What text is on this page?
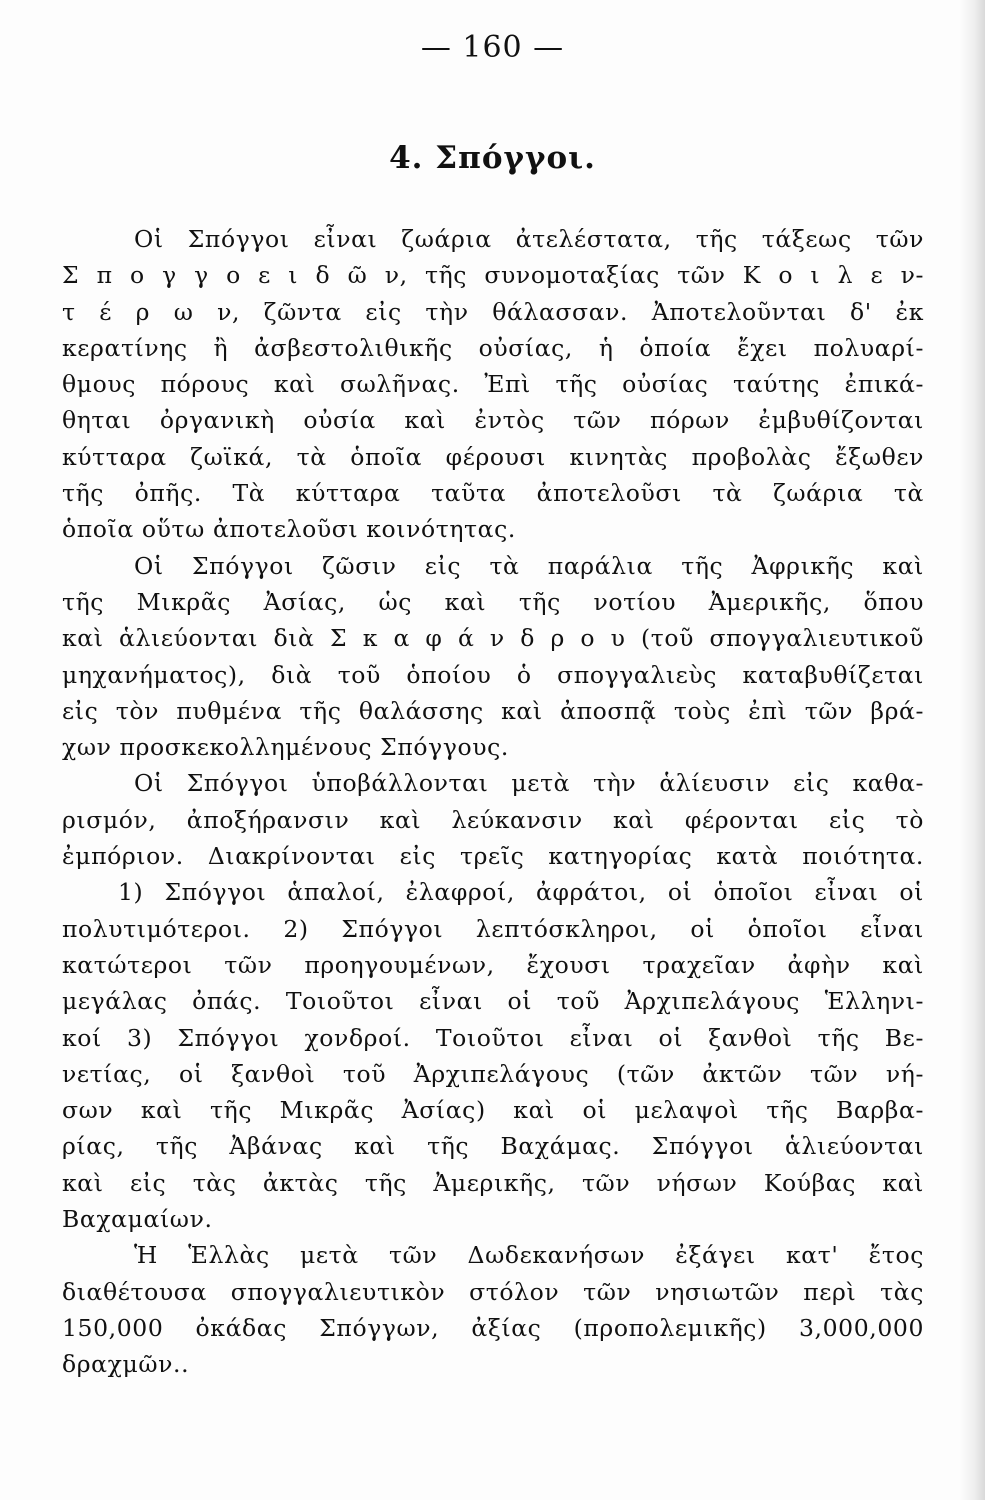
— 160 —
4. Σπόγγοι.
Οἱ Σπόγγοι εἶναι ζωάρια ἀτελέστατα, τῆς τάξεως τῶν
Σ π ο γ γ ο ε ι δ ῶ ν, τῆς συνομοταξίας τῶν Κ ο ι λ ε ν-
τ έ ρ ω ν, ζῶντα εἰς τὴν θάλασσαν. Ἀποτελοῦνται δ' ἐκ
κερατίνης ἢ ἀσβεστολιθικῆς οὐσίας, ἡ ὁποία ἔχει πολυαρί-
θμους πόρους καὶ σωλῆνας. Ἐπὶ τῆς οὐσίας ταύτης ἐπικά-
θηται ὀργανικὴ οὐσία καὶ ἐντὸς τῶν πόρων ἐμβυθίζονται
κύτταρα ζωϊκά, τὰ ὁποῖα φέρουσι κινητὰς προβολὰς ἔξωθεν
τῆς ὀπῆς. Τὰ κύτταρα ταῦτα ἀποτελοῦσι τὰ ζωάρια τὰ
ὁποῖα οὕτω ἀποτελοῦσι κοινότητας.
Οἱ Σπόγγοι ζῶσιν εἰς τὰ παράλια τῆς Ἀφρικῆς καὶ
τῆς Μικρᾶς Ἀσίας, ὡς καὶ τῆς νοτίου Ἀμερικῆς, ὅπου
καὶ ἁλιεύονται διὰ Σ κ α φ ά ν δ ρ ο υ (τοῦ σπογγαλιευτικοῦ
μηχανήματος), διὰ τοῦ ὁποίου ὁ σπογγαλιεὺς καταβυθίζεται
εἰς τὸν πυθμένα τῆς θαλάσσης καὶ ἀποσπᾷ τοὺς ἐπὶ τῶν βρά-
χων προσκεκολλημένους Σπόγγους.
Οἱ Σπόγγοι ὑποβάλλονται μετὰ τὴν ἁλίευσιν εἰς καθα-
ρισμόν, ἀποξήρανσιν καὶ λεύκανσιν καὶ φέρονται εἰς τὸ
ἐμπόριον. Διακρίνονται εἰς τρεῖς κατηγορίας κατὰ ποιότητα.
1) Σπόγγοι ἁπαλοί, ἐλαφροί, ἀφράτοι, οἱ ὁποῖοι εἶναι οἱ
πολυτιμότεροι. 2) Σπόγγοι λεπτόσκληροι, οἱ ὁποῖοι εἶναι
κατώτεροι τῶν προηγουμένων, ἔχουσι τραχεῖαν ἀφὴν καὶ
μεγάλας ὀπάς. Τοιοῦτοι εἶναι οἱ τοῦ Ἀρχιπελάγους Ἑλληνι-
κοί 3) Σπόγγοι χονδροί. Τοιοῦτοι εἶναι οἱ ξανθοὶ τῆς Βε-
νετίας, οἱ ξανθοὶ τοῦ Ἀρχιπελάγους (τῶν ἀκτῶν τῶν νή-
σων καὶ τῆς Μικρᾶς Ἀσίας) καὶ οἱ μελαψοὶ τῆς Βαρβα-
ρίας, τῆς Ἀβάνας καὶ τῆς Βαχάμας. Σπόγγοι ἁλιεύονται
καὶ εἰς τὰς ἀκτὰς τῆς Ἀμερικῆς, τῶν νήσων Κούβας καὶ
Βαχαμαίων.
Ἡ Ἑλλὰς μετὰ τῶν Δωδεκανήσων ἐξάγει κατ' ἔτος
διαθέτουσα σπογγαλιευτικὸν στόλον τῶν νησιωτῶν περὶ τὰς
150,000 ὀκάδας Σπόγγων, ἀξίας (προπολεμικῆς) 3,000,000
δραχμῶν..
